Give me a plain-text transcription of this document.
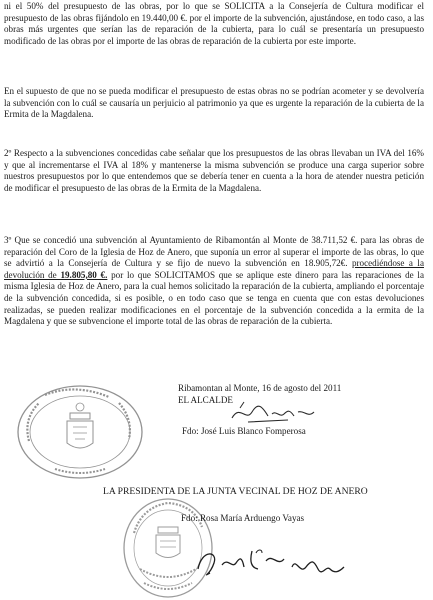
ni el 50% del presupuesto de las obras, por lo que se SOLICITA a la Consejería de Cultura modificar el presupuesto de las obras fijándolo en 19.440,00 €. por el importe de la subvención, ajustándose, en todo caso, a las obras más urgentes que serían las de reparación de la cubierta, para lo cuál se presentaría un presupuesto modificado de las obras por el importe de las obras de reparación de la cubierta por este importe.

En el supuesto de que no se pueda modificar el presupuesto de estas obras no se podrían acometer y se devolvería la subvención con lo cuál se causaría un perjuicio al patrimonio ya que es urgente la reparación de la cubierta de la Ermita de la Magdalena.

2º Respecto a la subvenciones concedidas cabe señalar que los presupuestos de las obras llevaban un IVA del 16% y que al incrementarse el IVA al 18% y mantenerse la misma subvención se produce una carga superior sobre nuestros presupuestos por lo que entendemos que se debería tener en cuenta a la hora de atender nuestra petición de modificar el presupuesto de las obras de la Ermita de la Magdalena.

3º Que se concedió una subvención al Ayuntamiento de Ribamontán al Monte de 38.711,52 €. para las obras de reparación del Coro de la Iglesia de Hoz de Anero, que suponía un error al superar el importe de las obras, lo que se advirtió a la Consejería de Cultura y se fijo de nuevo la subvención en 18.905,72€. procediéndose a la devolución de 19.805,80 €. por lo que SOLICITAMOS que se aplique este dinero para las reparaciones de la misma Iglesia de Hoz de Anero, para la cual hemos solicitado la reparación de la cubierta, ampliando el porcentaje de la subvención concedida, si es posible, o en todo caso que se tenga en cuenta que con estas devoluciones realizadas, se pueden realizar modificaciones en el porcentaje de la subvención concedida a la ermita de la Magdalena y que se subvencione el importe total de las obras de reparación de la cubierta.

Ribamontan al Monte, 16 de agosto del 2011
EL ALCALDE
Fdo: José Luis Blanco Fomperosa
LA PRESIDENTA DE LA JUNTA VECINAL DE HOZ DE ANERO
Fdo: Rosa María Arduengo Vayas
